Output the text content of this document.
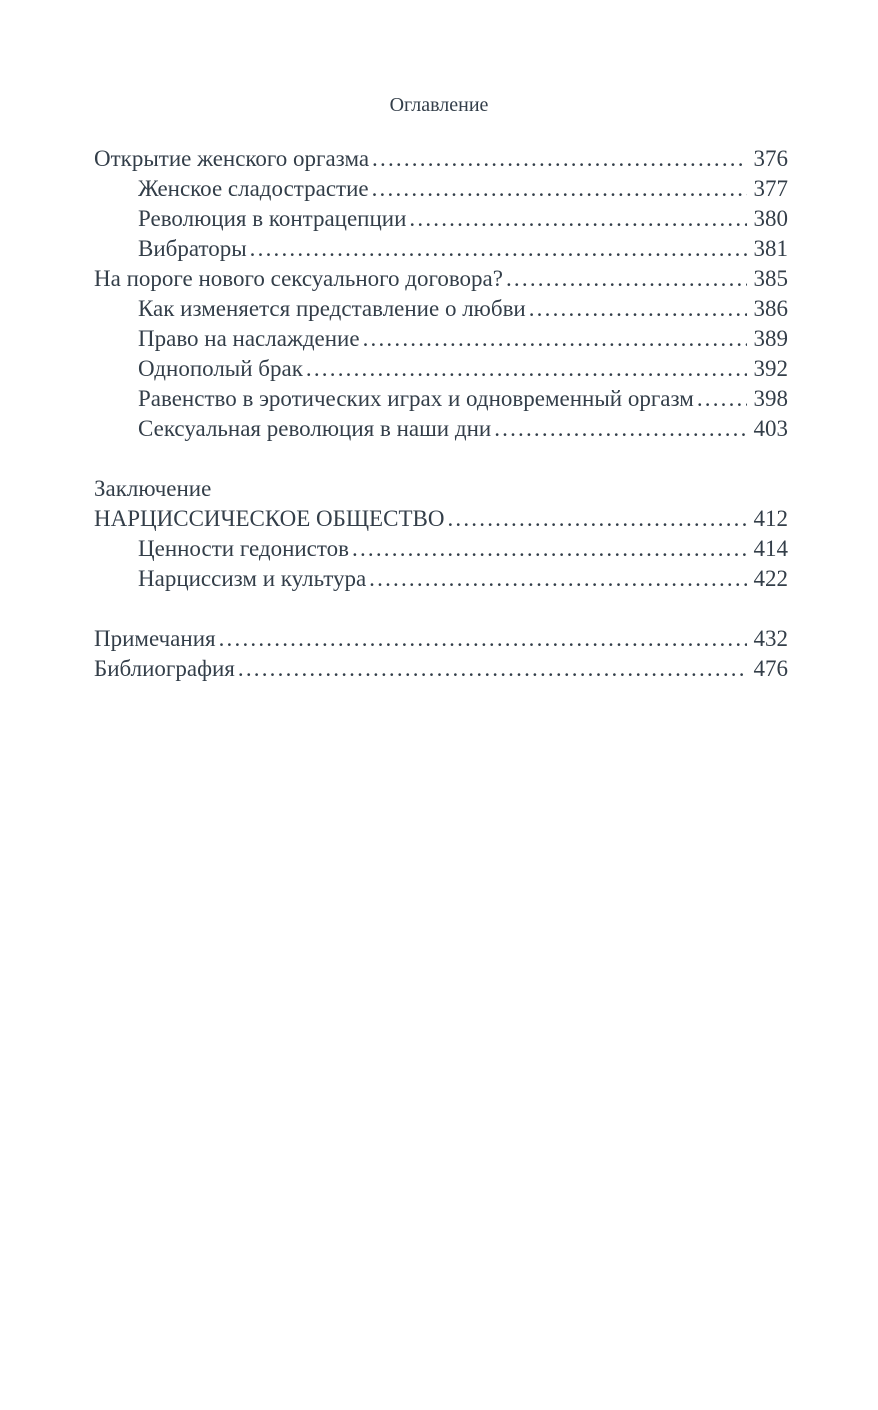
Оглавление
Открытие женского оргазма .....	376
Женское сладострастие .....	377
Революция в контрацепции .....	380
Вибраторы .....	381
На пороге нового сексуального договора? .....	385
Как изменяется представление о любви .....	386
Право на наслаждение .....	389
Однополый брак .....	392
Равенство в эротических играх и одновременный оргазм .....	398
Сексуальная революция в наши дни .....	403
Заключение
НАРЦИССИЧЕСКОЕ ОБЩЕСТВО .....	412
Ценности гедонистов .....	414
Нарциссизм и культура .....	422
Примечания .....	432
Библиография .....	476
